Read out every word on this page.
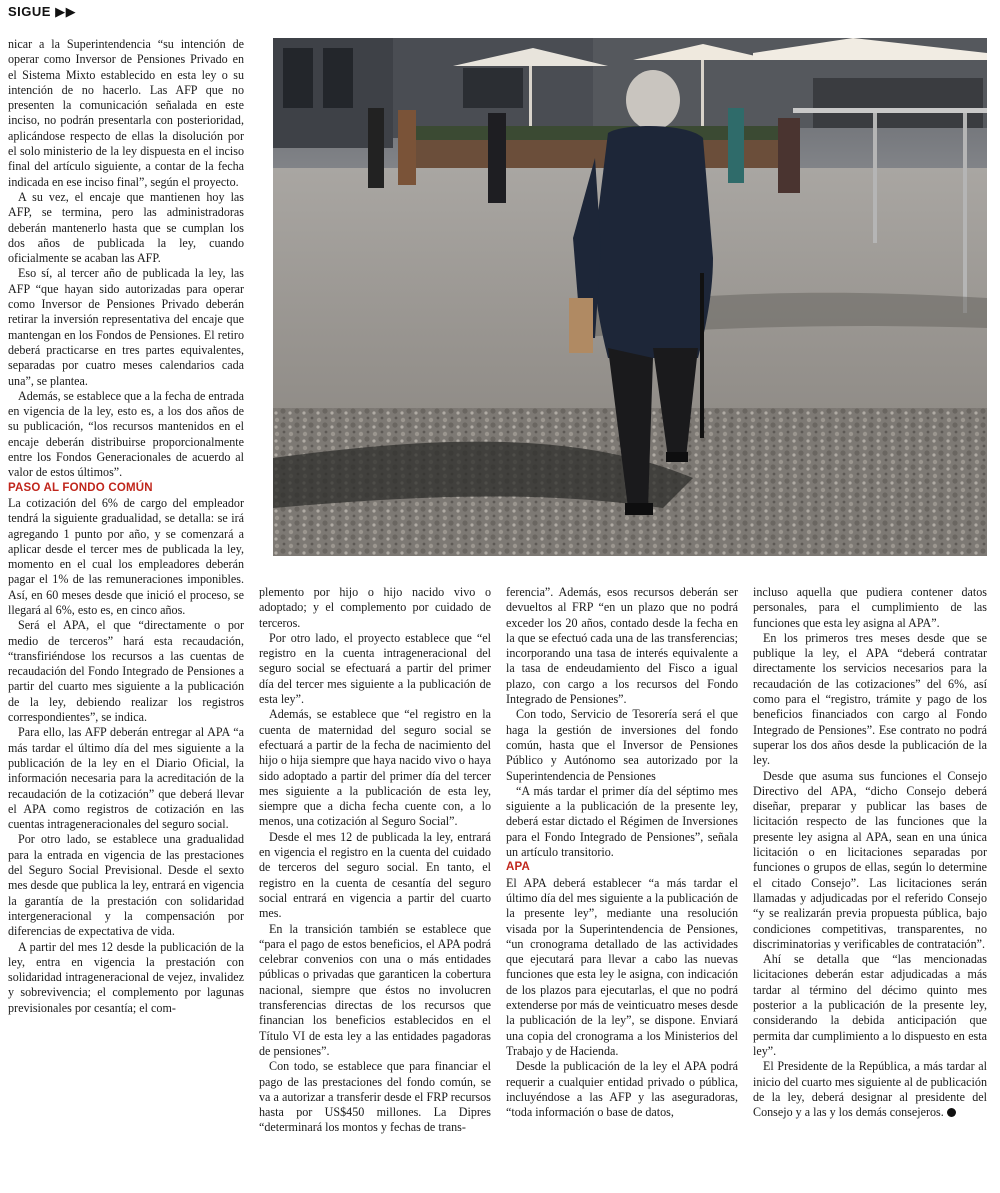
SIGUE ▶▶

nicar a la Superintendencia “su intención de operar como Inversor de Pensiones Privado en el Sistema Mixto establecido en esta ley o su intención de no hacerlo. Las AFP que no presenten la comunicación señalada en este inciso, no podrán presentarla con posterioridad, aplicándose respecto de ellas la disolución por el solo ministerio de la ley dispuesta en el inciso final del artículo siguiente, a contar de la fecha indicada en ese inciso final”, según el proyecto.

A su vez, el encaje que mantienen hoy las AFP, se termina, pero las administradoras deberán mantenerlo hasta que se cumplan los dos años de publicada la ley, cuando oficialmente se acaban las AFP.

Eso sí, al tercer año de publicada la ley, las AFP “que hayan sido autorizadas para operar como Inversor de Pensiones Privado deberán retirar la inversión representativa del encaje que mantengan en los Fondos de Pensiones. El retiro deberá practicarse en tres partes equivalentes, separadas por cuatro meses calendarios cada una”, se plantea.

Además, se establece que a la fecha de entrada en vigencia de la ley, esto es, a los dos años de su publicación, “los recursos mantenidos en el encaje deberán distribuirse proporcionalmente entre los Fondos Generacionales de acuerdo al valor de estos últimos”.

PASO AL FONDO COMÚN

La cotización del 6% de cargo del empleador tendrá la siguiente gradualidad, se detalla: se irá agregando 1 punto por año, y se comenzará a aplicar desde el tercer mes de publicada la ley, momento en el cual los empleadores deberán pagar el 1% de las remuneraciones imponibles. Así, en 60 meses desde que inició el proceso, se llegará al 6%, esto es, en cinco años.

Será el APA, el que “directamente o por medio de terceros” hará esta recaudación, “transfiriéndose los recursos a las cuentas de recaudación del Fondo Integrado de Pensiones a partir del cuarto mes siguiente a la publicación de la ley, debiendo realizar los registros correspondientes”, se indica.

Para ello, las AFP deberán entregar al APA “a más tardar el último día del mes siguiente a la publicación de la ley en el Diario Oficial, la información necesaria para la acreditación de la recaudación de la cotización” que deberá llevar el APA como registros de cotización en las cuentas intrageneracionales del seguro social.

Por otro lado, se establece una gradualidad para la entrada en vigencia de las prestaciones del Seguro Social Previsional. Desde el sexto mes desde que publica la ley, entrará en vigencia la garantía de la prestación con solidaridad intergeneracional y la compensación por diferencias de expectativa de vida.

A partir del mes 12 desde la publicación de la ley, entra en vigencia la prestación con solidaridad intrageneracional de vejez, invalidez y sobrevivencia; el complemento por lagunas previsionales por cesantía; el com-

plemento por hijo o hijo nacido vivo o adoptado; y el complemento por cuidado de terceros.

Por otro lado, el proyecto establece que “el registro en la cuenta intrageneracional del seguro social se efectuará a partir del primer día del tercer mes siguiente a la publicación de esta ley”.

Además, se establece que “el registro en la cuenta de maternidad del seguro social se efectuará a partir de la fecha de nacimiento del hijo o hija siempre que haya nacido vivo o haya sido adoptado a partir del primer día del tercer mes siguiente a la publicación de esta ley, siempre que a dicha fecha cuente con, a lo menos, una cotización al Seguro Social”.

Desde el mes 12 de publicada la ley, entrará en vigencia el registro en la cuenta del cuidado de terceros del seguro social. En tanto, el registro en la cuenta de cesantía del seguro social entrará en vigencia a partir del cuarto mes.

En la transición también se establece que “para el pago de estos beneficios, el APA podrá celebrar convenios con una o más entidades públicas o privadas que garanticen la cobertura nacional, siempre que éstos no involucren transferencias directas de los recursos que financian los beneficios establecidos en el Título VI de esta ley a las entidades pagadoras de pensiones”.

Con todo, se establece que para financiar el pago de las prestaciones del fondo común, se va a autorizar a transferir desde el FRP recursos hasta por US$450 millones. La Dipres “determinará los montos y fechas de trans-

ferencia”. Además, esos recursos deberán ser devueltos al FRP “en un plazo que no podrá exceder los 20 años, contado desde la fecha en la que se efectuó cada una de las transferencias; incorporando una tasa de interés equivalente a la tasa de endeudamiento del Fisco a igual plazo, con cargo a los recursos del Fondo Integrado de Pensiones”.

Con todo, Servicio de Tesorería será el que haga la gestión de inversiones del fondo común, hasta que el Inversor de Pensiones Público y Autónomo sea autorizado por la Superintendencia de Pensiones

“A más tardar el primer día del séptimo mes siguiente a la publicación de la presente ley, deberá estar dictado el Régimen de Inversiones para el Fondo Integrado de Pensiones”, señala un artículo transitorio.

APA

El APA deberá establecer “a más tardar el último día del mes siguiente a la publicación de la presente ley”, mediante una resolución visada por la Superintendencia de Pensiones, “un cronograma detallado de las actividades que ejecutará para llevar a cabo las nuevas funciones que esta ley le asigna, con indicación de los plazos para ejecutarlas, el que no podrá extenderse por más de veinticuatro meses desde la publicación de la ley”, se dispone. Enviará una copia del cronograma a los Ministerios del Trabajo y de Hacienda.

Desde la publicación de la ley el APA podrá requerir a cualquier entidad privado o pública, incluyéndose a las AFP y las aseguradoras, “toda información o base de datos,

incluso aquella que pudiera contener datos personales, para el cumplimiento de las funciones que esta ley asigna al APA”.

En los primeros tres meses desde que se publique la ley, el APA “deberá contratar directamente los servicios necesarios para la recaudación de las cotizaciones” del 6%, así como para el “registro, trámite y pago de los beneficios financiados con cargo al Fondo Integrado de Pensiones”. Ese contrato no podrá superar los dos años desde la publicación de la ley.

Desde que asuma sus funciones el Consejo Directivo del APA, “dicho Consejo deberá diseñar, preparar y publicar las bases de licitación respecto de las funciones que la presente ley asigna al APA, sean en una única licitación o en licitaciones separadas por funciones o grupos de ellas, según lo determine el citado Consejo”. Las licitaciones serán llamadas y adjudicadas por el referido Consejo “y se realizarán previa propuesta pública, bajo condiciones competitivas, transparentes, no discriminatorias y verificables de contratación”.

Ahí se detalla que “las mencionadas licitaciones deberán estar adjudicadas a más tardar al término del décimo quinto mes posterior a la publicación de la presente ley, considerando la debida anticipación que permita dar cumplimiento a lo dispuesto en esta ley”.

El Presidente de la República, a más tardar al inicio del cuarto mes siguiente al de publicación de la ley, deberá designar al presidente del Consejo y a las y los demás consejeros.
